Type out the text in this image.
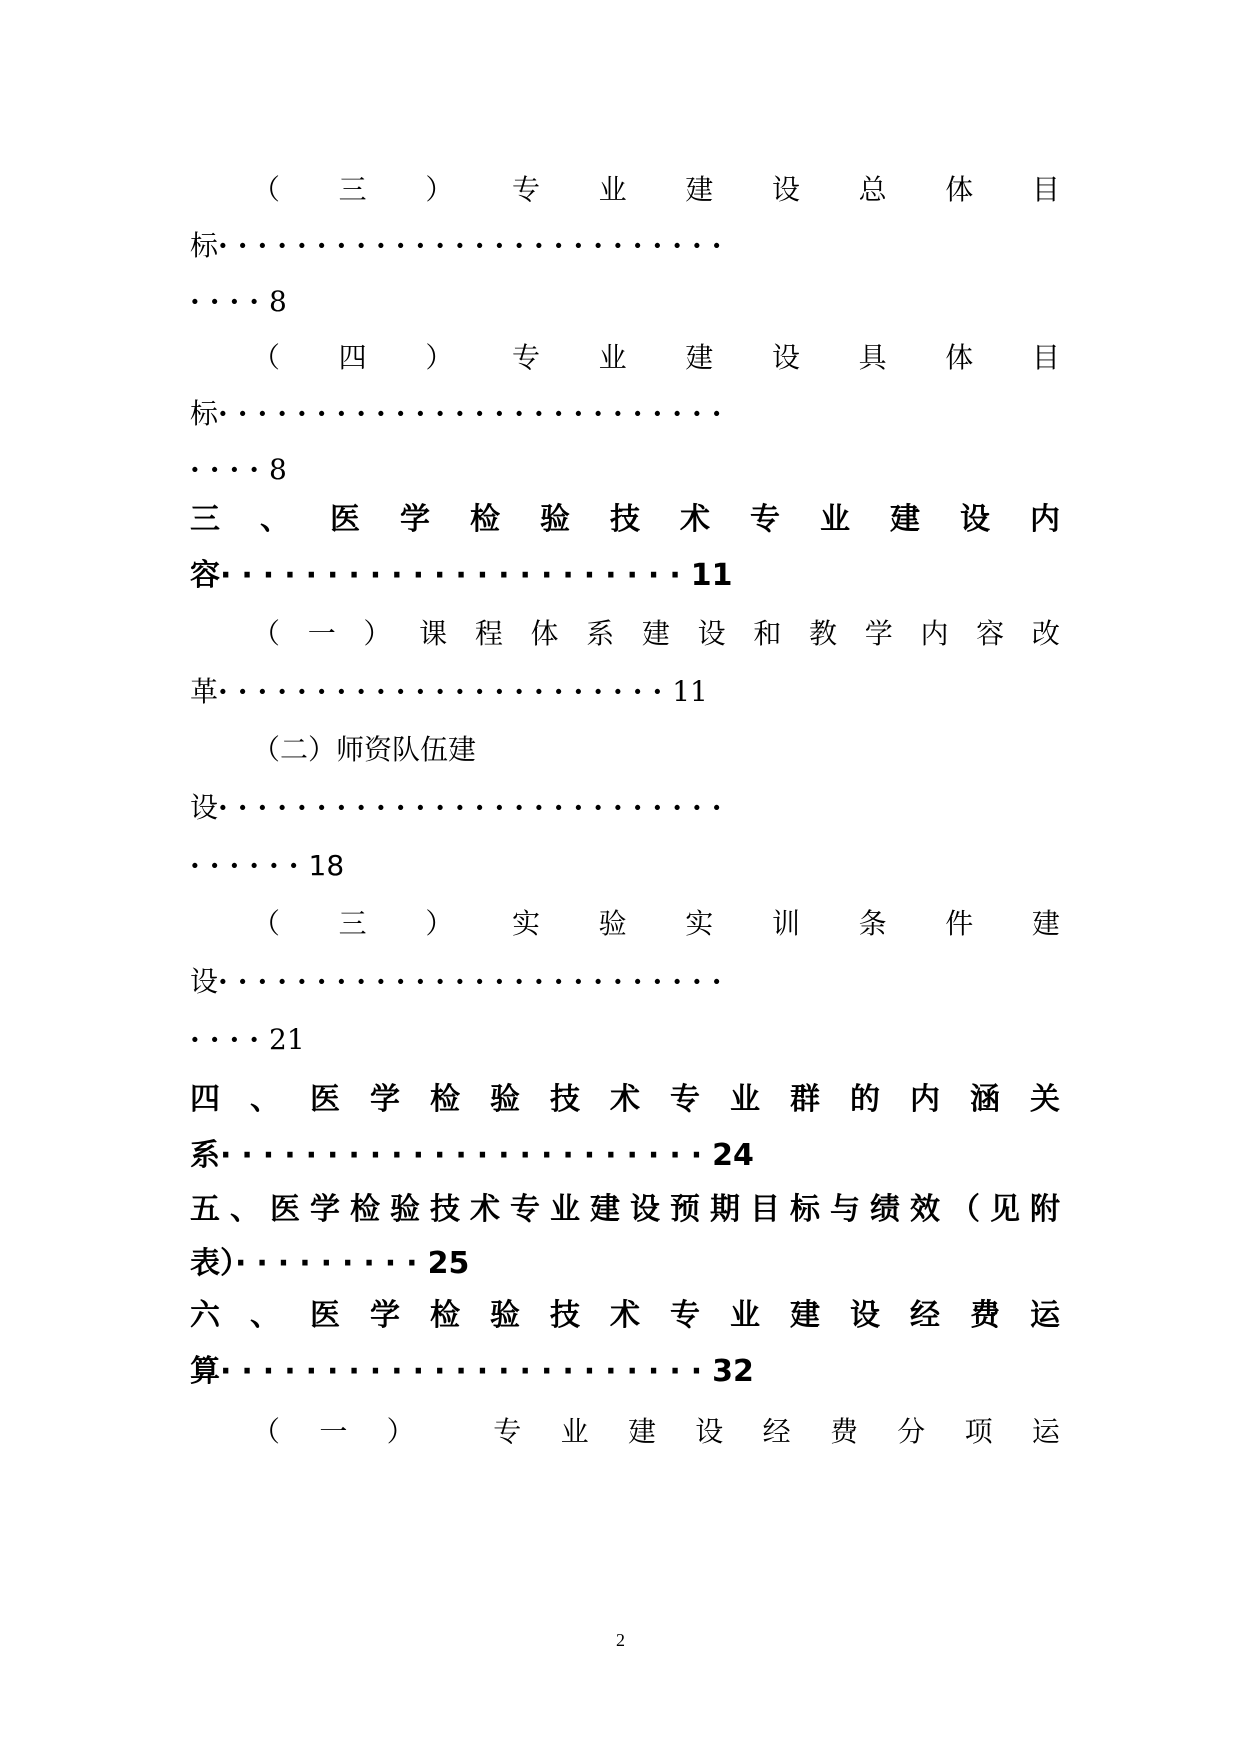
（ 三 ） 专 业 建 设 总 体 目
标 ··························
····8
（ 四 ） 专 业 建 设 具 体 目
标 ··························
····8
三 、 医 学 检 验 技 术 专 业 建 设 内
容······················11
（ 一 ） 课 程 体 系 建 设 和 教 学 内 容 改
革·······················11
（二）师资队伍建
设 ··························
······18
（ 三 ） 实 验 实 训 条 件 建
设 ··························
····21
四 、 医 学 检 验 技 术 专 业 群 的 内 涵 关
系·······················24
五 、 医 学 检 验 技 术 专 业 建 设 预 期 目 标 与 绩 效 （ 见 附
表）·········25
六 、 医 学 检 验 技 术 专 业 建 设 经 费 运
算·······················32
（ 一 ）	专 业 建 设 经 费 分 项 运
2
